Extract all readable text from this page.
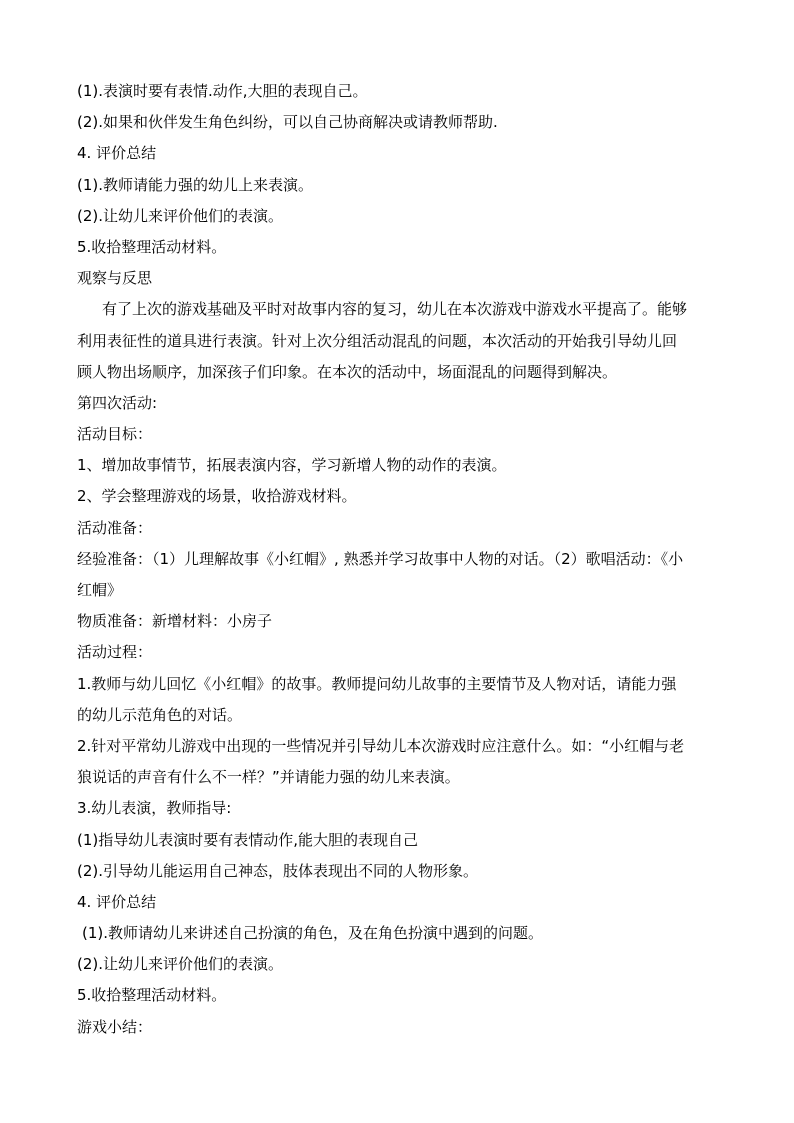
(1).表演时要有表情.动作,大胆的表现自己。
(2).如果和伙伴发生角色纠纷，可以自己协商解决或请教师帮助.
4. 评价总结
(1).教师请能力强的幼儿上来表演。
(2).让幼儿来评价他们的表演。
5.收拾整理活动材料。
观察与反思
有了上次的游戏基础及平时对故事内容的复习，幼儿在本次游戏中游戏水平提高了。能够
利用表征性的道具进行表演。针对上次分组活动混乱的问题，本次活动的开始我引导幼儿回
顾人物出场顺序，加深孩子们印象。在本次的活动中，场面混乱的问题得到解决。
第四次活动:
活动目标：
1、增加故事情节，拓展表演内容，学习新增人物的动作的表演。
2、学会整理游戏的场景，收拾游戏材料。
活动准备：
经验准备：（1）儿理解故事《小红帽》, 熟悉并学习故事中人物的对话。（2）歌唱活动：《小
红帽》
物质准备：新增材料：小房子
活动过程：
1.教师与幼儿回忆《小红帽》的故事。教师提问幼儿故事的主要情节及人物对话，请能力强
的幼儿示范角色的对话。
2.针对平常幼儿游戏中出现的一些情况并引导幼儿本次游戏时应注意什么。如：“小红帽与老
狼说话的声音有什么不一样？”并请能力强的幼儿来表演。
3.幼儿表演，教师指导:
(1)指导幼儿表演时要有表情动作,能大胆的表现自己
(2).引导幼儿能运用自己神态，肢体表现出不同的人物形象。
4. 评价总结
(1).教师请幼儿来讲述自己扮演的角色，及在角色扮演中遇到的问题。
(2).让幼儿来评价他们的表演。
5.收拾整理活动材料。
游戏小结：
